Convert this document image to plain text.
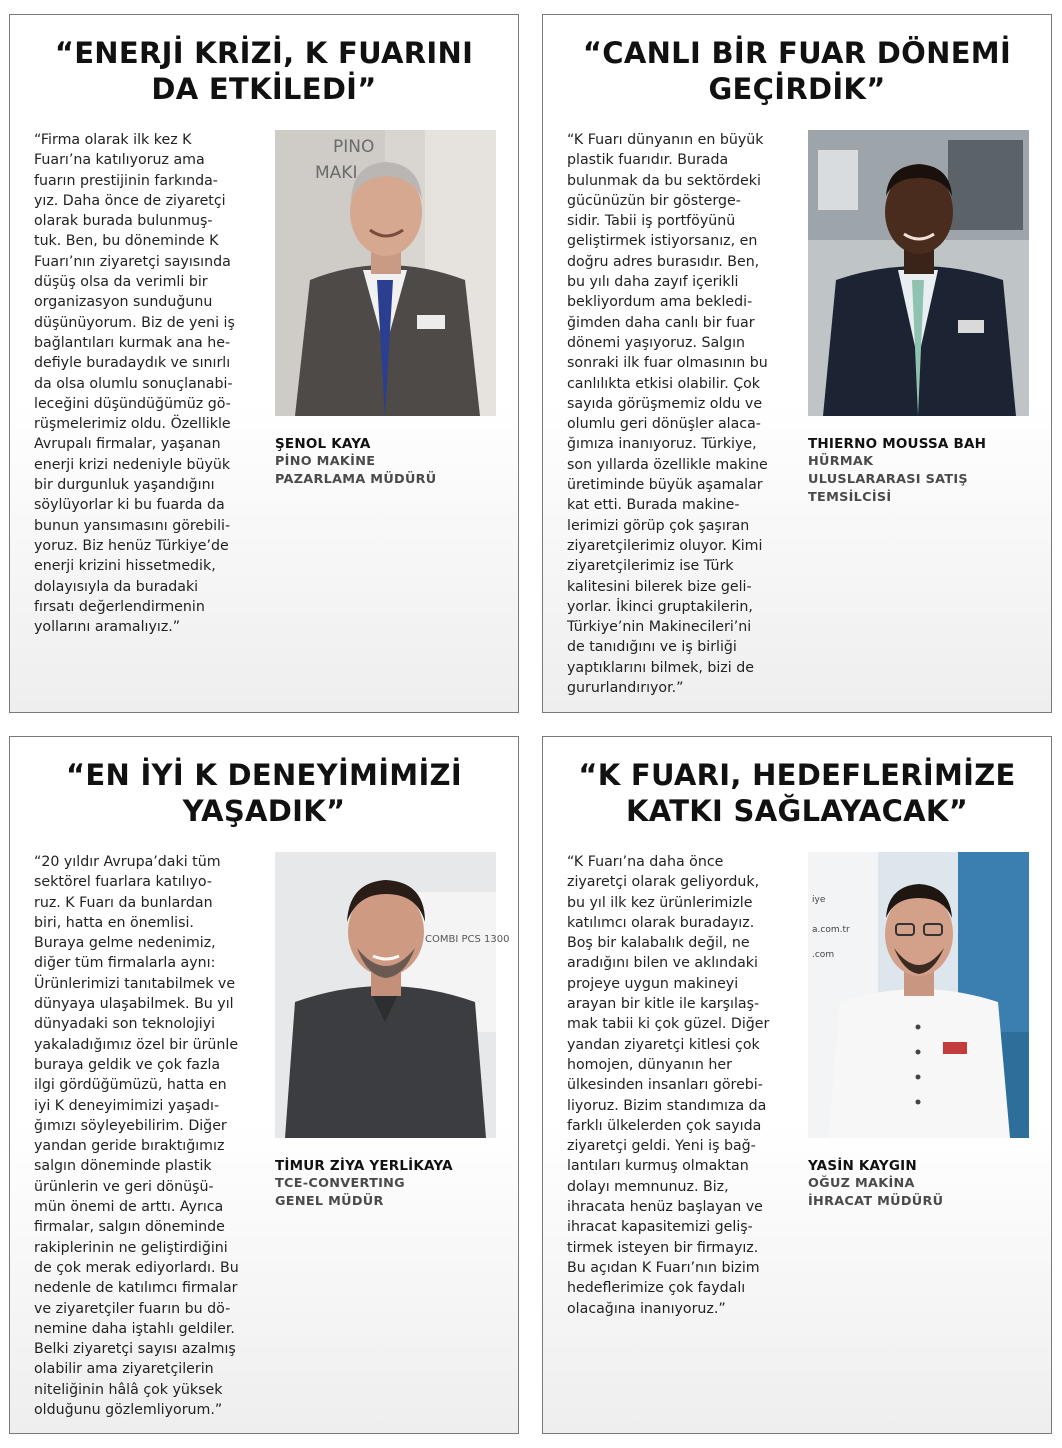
“ENERJİ KRİZİ, K FUARINI DA ETKİLEDİ”

“Firma olarak ilk kez K
Fuarı’na katılıyoruz ama
fuarın prestijinin farkında-
yız. Daha önce de ziyaretçi
olarak burada bulunmuş-
tuk. Ben, bu döneminde K
Fuarı’nın ziyaretçi sayısında
düşüş olsa da verimli bir
organizasyon sunduğunu
düşünüyorum. Biz de yeni iş
bağlantıları kurmak ana he-
defiyle buradaydık ve sınırlı
da olsa olumlu sonuçlanabi-
leceğini düşündüğümüz gö-
rüşmelerimiz oldu. Özellikle
Avrupalı firmalar, yaşanan
enerji krizi nedeniyle büyük
bir durgunluk yaşandığını
söylüyorlar ki bu fuarda da
bunun yansımasını görebili-
yoruz. Biz henüz Türkiye’de
enerji krizini hissetmedik,
dolayısıyla da buradaki
fırsatı değerlendirmenin
yollarını aramalıyız.”

PINO
MAKI
ŞENOL KAYA
PİNO MAKİNE
PAZARLAMA MÜDÜRÜ
“CANLI BİR FUAR DÖNEMİ GEÇİRDİK”

“K Fuarı dünyanın en büyük
plastik fuarıdır. Burada
bulunmak da bu sektördeki
gücünüzün bir gösterge-
sidir. Tabii iş portföyünü
geliştirmek istiyorsanız, en
doğru adres burasıdır. Ben,
bu yılı daha zayıf içerikli
bekliyordum ama bekledi-
ğimden daha canlı bir fuar
dönemi yaşıyoruz. Salgın
sonraki ilk fuar olmasının bu
canlılıkta etkisi olabilir. Çok
sayıda görüşmemiz oldu ve
olumlu geri dönüşler alaca-
ğımıza inanıyoruz. Türkiye,
son yıllarda özellikle makine
üretiminde büyük aşamalar
kat etti. Burada makine-
lerimizi görüp çok şaşıran
ziyaretçilerimiz oluyor. Kimi
ziyaretçilerimiz ise Türk
kalitesini bilerek bize geli-
yorlar. İkinci gruptakilerin,
Türkiye’nin Makinecileri’ni
de tanıdığını ve iş birliği
yaptıklarını bilmek, bizi de
gururlandırıyor.”

THIERNO MOUSSA BAH
HÜRMAK
ULUSLARARASI SATIŞ
TEMSİLCİSİ
“EN İYİ K DENEYİMİMİZİ YAŞADIK”

“20 yıldır Avrupa’daki tüm
sektörel fuarlara katılıyo-
ruz. K Fuarı da bunlardan
biri, hatta en önemlisi.
Buraya gelme nedenimiz,
diğer tüm firmalarla aynı:
Ürünlerimizi tanıtabilmek ve
dünyaya ulaşabilmek. Bu yıl
dünyadaki son teknolojiyi
yakaladığımız özel bir ürünle
buraya geldik ve çok fazla
ilgi gördüğümüzü, hatta en
iyi K deneyimimizi yaşadı-
ğımızı söyleyebilirim. Diğer
yandan geride bıraktığımız
salgın döneminde plastik
ürünlerin ve geri dönüşü-
mün önemi de arttı. Ayrıca
firmalar, salgın döneminde
rakiplerinin ne geliştirdiğini
de çok merak ediyorlardı. Bu
nedenle de katılımcı firmalar
ve ziyaretçiler fuarın bu dö-
nemine daha iştahlı geldiler.
Belki ziyaretçi sayısı azalmış
olabilir ama ziyaretçilerin
niteliğinin hâlâ çok yüksek
olduğunu gözlemliyorum.”

COMBI PCS 1300
TİMUR ZİYA YERLİKAYA
TCE-CONVERTING
GENEL MÜDÜR
“K FUARI, HEDEFLERİMİZE KATKI SAĞLAYACAK”

“K Fuarı’na daha önce
ziyaretçi olarak geliyorduk,
bu yıl ilk kez ürünlerimizle
katılımcı olarak buradayız.
Boş bir kalabalık değil, ne
aradığını bilen ve aklındaki
projeye uygun makineyi
arayan bir kitle ile karşılaş-
mak tabii ki çok güzel. Diğer
yandan ziyaretçi kitlesi çok
homojen, dünyanın her
ülkesinden insanları görebi-
liyoruz. Bizim standımıza da
farklı ülkelerden çok sayıda
ziyaretçi geldi. Yeni iş bağ-
lantıları kurmuş olmaktan
dolayı memnunuz. Biz,
ihracata henüz başlayan ve
ihracat kapasitemizi geliş-
tirmek isteyen bir firmayız.
Bu açıdan K Fuarı’nın bizim
hedeflerimize çok faydalı
olacağına inanıyoruz.”

iye
a.com.tr
.com
YASİN KAYGIN
OĞUZ MAKİNA
İHRACAT MÜDÜRÜ
